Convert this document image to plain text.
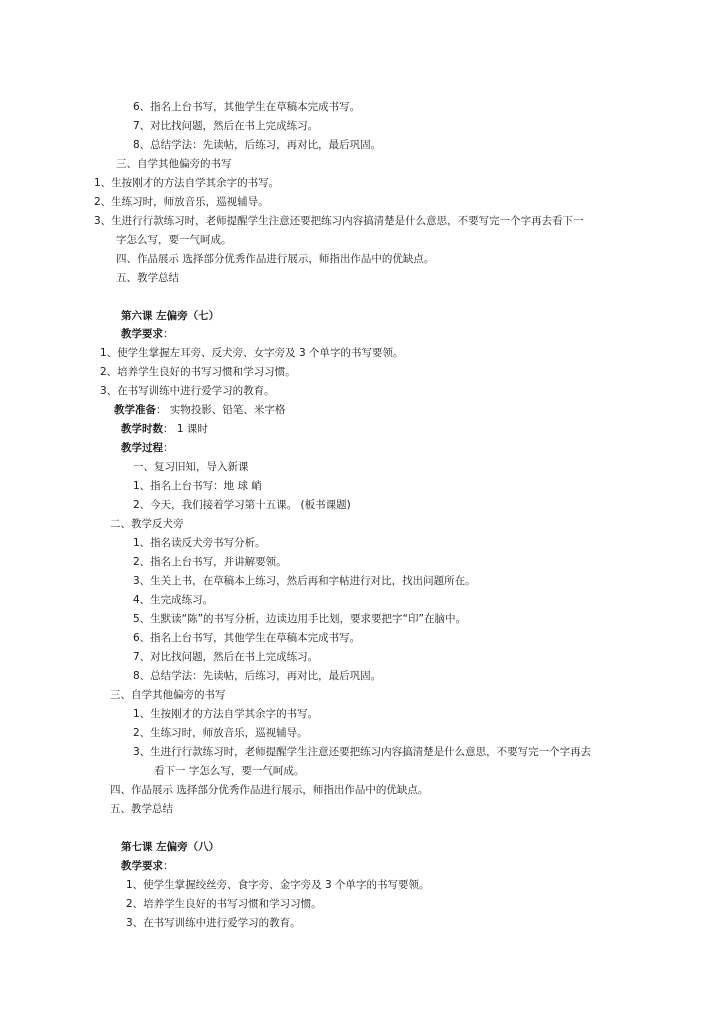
6、指名上台书写，其他学生在草稿本完成书写。
7、对比找问题，然后在书上完成练习。
8、总结学法：先读帖，后练习，再对比，最后巩固。
三、自学其他偏旁的书写
1、生按刚才的方法自学其余字的书写。
2、生练习时，师放音乐，巡视辅导。
3、生进行行款练习时，老师提醒学生注意还要把练习内容搞清楚是什么意思，不要写完一个字再去看下一
字怎么写，要一气呵成。
四、作品展示 选择部分优秀作品进行展示，师指出作品中的优缺点。
五、教学总结
第六课 左偏旁（七）
教学要求：
1、使学生掌握左耳旁、反犬旁、女字旁及 3 个单字的书写要领。
2、培养学生良好的书写习惯和学习习惯。
3、在书写训练中进行爱学习的教育。
教学准备： 实物投影、铅笔、米字格
教学时数： 1 课时
教学过程：
一、复习旧知，导入新课
1、指名上台书写：地 球 峭
2、今天，我们接着学习第十五课。 (板书课题)
二、教学反犬旁
1、指名读反犬旁书写分析。
2、指名上台书写，并讲解要领。
3、生关上书，在草稿本上练习，然后再和字帖进行对比，找出问题所在。
4、生完成练习。
5、生默读“陈”的书写分析，边读边用手比划，要求要把字“印”在脑中。
6、指名上台书写，其他学生在草稿本完成书写。
7、对比找问题，然后在书上完成练习。
8、总结学法：先读帖，后练习，再对比，最后巩固。
三、自学其他偏旁的书写
1、生按刚才的方法自学其余字的书写。
2、生练习时，师放音乐，巡视辅导。
3、生进行行款练习时，老师提醒学生注意还要把练习内容搞清楚是什么意思，不要写完一个字再去
看下一 字怎么写，要一气呵成。
四、作品展示 选择部分优秀作品进行展示，师指出作品中的优缺点。
五、教学总结
第七课 左偏旁（八）
教学要求：
1、使学生掌握绞丝旁、食字旁、金字旁及 3 个单字的书写要领。
2、培养学生良好的书写习惯和学习习惯。
3、在书写训练中进行爱学习的教育。
